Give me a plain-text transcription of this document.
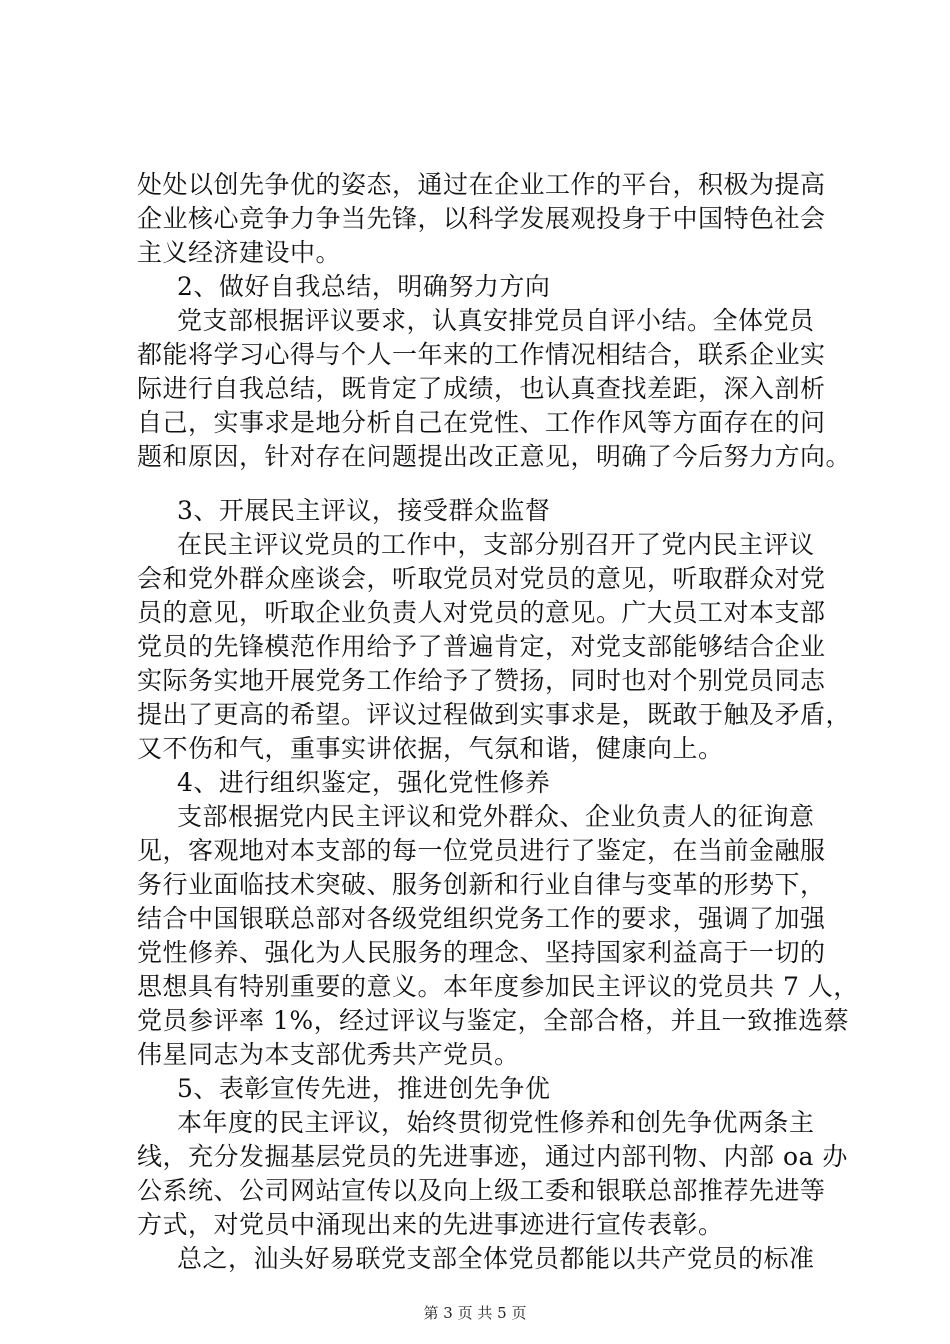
处处以创先争优的姿态，通过在企业工作的平台，积极为提高
企业核心竞争力争当先锋，以科学发展观投身于中国特色社会
主义经济建设中。
2、做好自我总结，明确努力方向
党支部根据评议要求，认真安排党员自评小结。全体党员
都能将学习心得与个人一年来的工作情况相结合，联系企业实
际进行自我总结，既肯定了成绩，也认真查找差距，深入剖析
自己，实事求是地分析自己在党性、工作作风等方面存在的问
题和原因，针对存在问题提出改正意见，明确了今后努力方向。
3、开展民主评议，接受群众监督
在民主评议党员的工作中，支部分别召开了党内民主评议
会和党外群众座谈会，听取党员对党员的意见，听取群众对党
员的意见，听取企业负责人对党员的意见。广大员工对本支部
党员的先锋模范作用给予了普遍肯定，对党支部能够结合企业
实际务实地开展党务工作给予了赞扬，同时也对个别党员同志
提出了更高的希望。评议过程做到实事求是，既敢于触及矛盾，
又不伤和气，重事实讲依据，气氛和谐，健康向上。
4、进行组织鉴定，强化党性修养
支部根据党内民主评议和党外群众、企业负责人的征询意
见，客观地对本支部的每一位党员进行了鉴定，在当前金融服
务行业面临技术突破、服务创新和行业自律与变革的形势下，
结合中国银联总部对各级党组织党务工作的要求，强调了加强
党性修养、强化为人民服务的理念、坚持国家利益高于一切的
思想具有特别重要的意义。本年度参加民主评议的党员共 7 人，
党员参评率 1%，经过评议与鉴定，全部合格，并且一致推选蔡
伟星同志为本支部优秀共产党员。
5、表彰宣传先进，推进创先争优
本年度的民主评议，始终贯彻党性修养和创先争优两条主
线，充分发掘基层党员的先进事迹，通过内部刊物、内部 oa 办
公系统、公司网站宣传以及向上级工委和银联总部推荐先进等
方式，对党员中涌现出来的先进事迹进行宣传表彰。
总之，汕头好易联党支部全体党员都能以共产党员的标准
第 3 页 共 5 页
